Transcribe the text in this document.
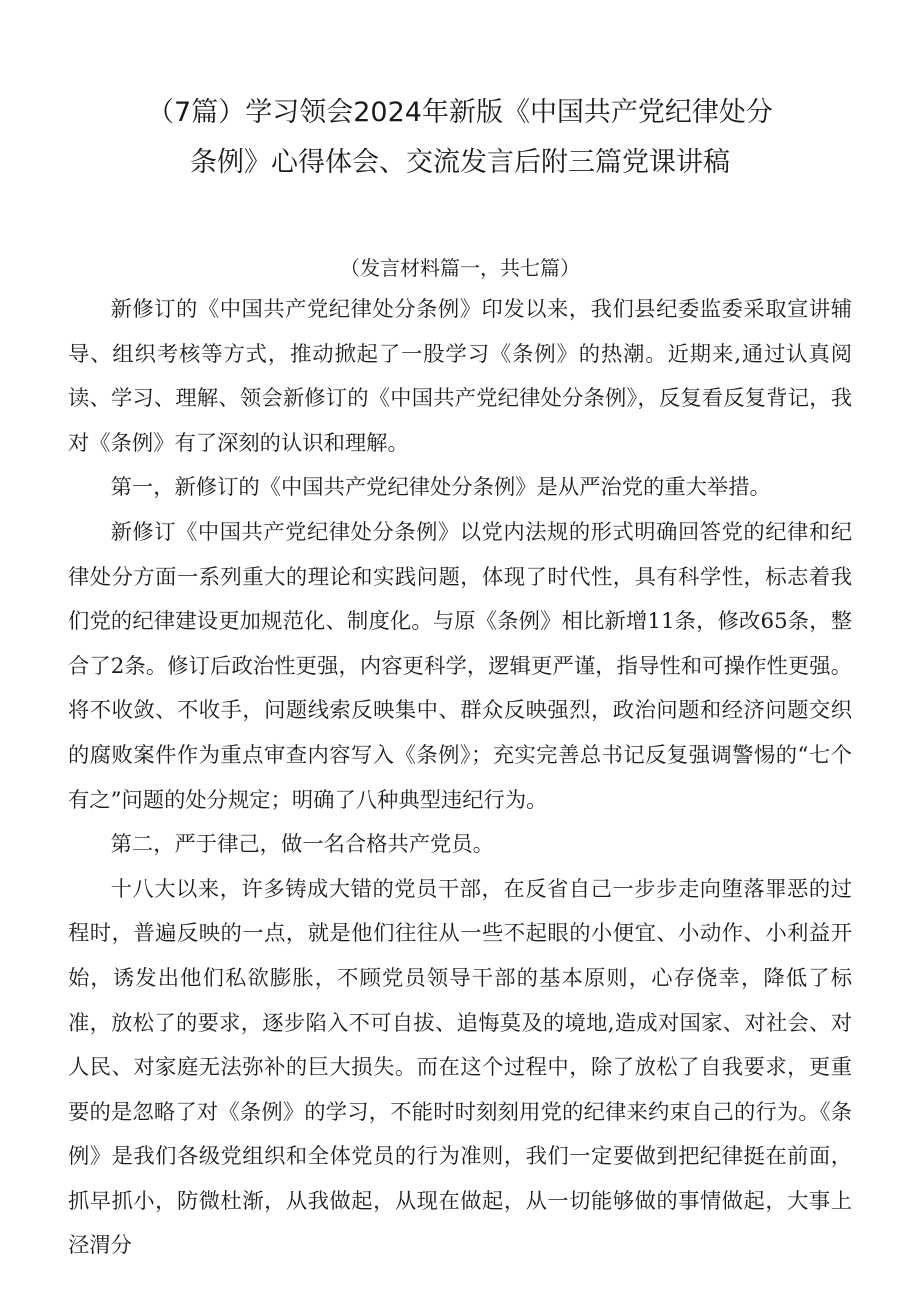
（7篇）学习领会2024年新版《中国共产党纪律处分
条例》心得体会、交流发言后附三篇党课讲稿
（发言材料篇一，共七篇）

新修订的《中国共产党纪律处分条例》印发以来，我们县纪委监委采取宣讲辅导、组织考核等方式，推动掀起了一股学习《条例》的热潮。近期来,通过认真阅读、学习、理解、领会新修订的《中国共产党纪律处分条例》，反复看反复背记，我对《条例》有了深刻的认识和理解。

第一，新修订的《中国共产党纪律处分条例》是从严治党的重大举措。

新修订《中国共产党纪律处分条例》以党内法规的形式明确回答党的纪律和纪律处分方面一系列重大的理论和实践问题，体现了时代性，具有科学性，标志着我们党的纪律建设更加规范化、制度化。与原《条例》相比新增11条，修改65条，整合了2条。修订后政治性更强，内容更科学，逻辑更严谨，指导性和可操作性更强。将不收敛、不收手，问题线索反映集中、群众反映强烈，政治问题和经济问题交织的腐败案件作为重点审查内容写入《条例》；充实完善总书记反复强调警惕的“七个有之”问题的处分规定；明确了八种典型违纪行为。

第二，严于律己，做一名合格共产党员。

十八大以来，许多铸成大错的党员干部，在反省自己一步步走向堕落罪恶的过程时，普遍反映的一点，就是他们往往从一些不起眼的小便宜、小动作、小利益开始，诱发出他们私欲膨胀，不顾党员领导干部的基本原则，心存侥幸，降低了标准，放松了的要求，逐步陷入不可自拔、追悔莫及的境地,造成对国家、对社会、对人民、对家庭无法弥补的巨大损失。而在这个过程中，除了放松了自我要求，更重要的是忽略了对《条例》的学习，不能时时刻刻用党的纪律来约束自己的行为。《条例》是我们各级党组织和全体党员的行为准则，我们一定要做到把纪律挺在前面，抓早抓小，防微杜渐，从我做起，从现在做起，从一切能够做的事情做起，大事上泾渭分
